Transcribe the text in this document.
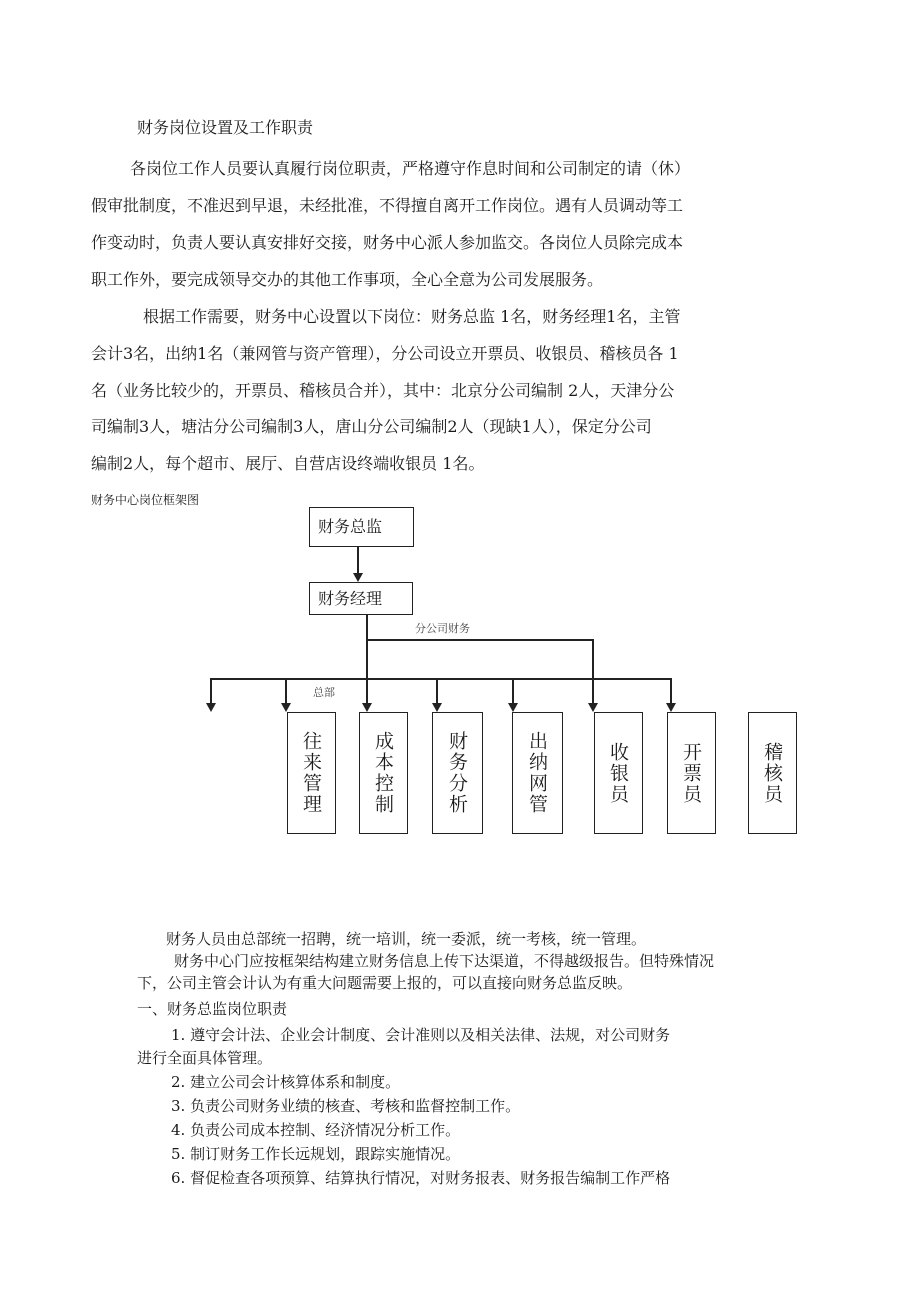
财务岗位设置及工作职责
各岗位工作人员要认真履行岗位职责，严格遵守作息时间和公司制定的请（休）
假审批制度，不准迟到早退，未经批准，不得擅自离开工作岗位。遇有人员调动等工
作变动时，负责人要认真安排好交接，财务中心派人参加监交。各岗位人员除完成本
职工作外，要完成领导交办的其他工作事项，全心全意为公司发展服务。
根据工作需要，财务中心设置以下岗位：财务总监 1名，财务经理1名，主管
会计3名，出纳1名（兼网管与资产管理），分公司设立开票员、收银员、稽核员各 1
名（业务比较少的，开票员、稽核员合并），其中：北京分公司编制 2人，天津分公
司编制3人，塘沽分公司编制3人，唐山分公司编制2人（现缺1人），保定分公司
编制2人，每个超市、展厅、自营店设终端收银员 1名。
财务中心岗位框架图
财务总监
财务经理
分公司财务
总部
往来管理	成本控制	财务分析	出纳网管	收银员	开票员	稽核员
财务人员由总部统一招聘，统一培训，统一委派，统一考核，统一管理。
财务中心门应按框架结构建立财务信息上传下达渠道，不得越级报告。但特殊情况
下，公司主管会计认为有重大问题需要上报的，可以直接向财务总监反映。
一、财务总监岗位职责
1. 遵守会计法、企业会计制度、会计准则以及相关法律、法规，对公司财务
进行全面具体管理。
2. 建立公司会计核算体系和制度。
3. 负责公司财务业绩的核查、考核和监督控制工作。
4. 负责公司成本控制、经济情况分析工作。
5. 制订财务工作长远规划，跟踪实施情况。
6. 督促检查各项预算、结算执行情况，对财务报表、财务报告编制工作严格
